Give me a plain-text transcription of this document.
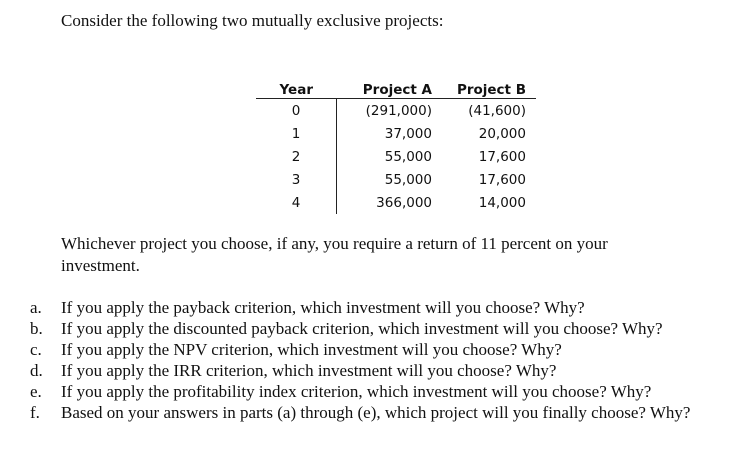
Consider the following two mutually exclusive projects:

Year	Project A	Project B
0	(291,000)	(41,600)
1	37,000	20,000
2	55,000	17,600
3	55,000	17,600
4	366,000	14,000

Whichever project you choose, if any, you require a return of 11 percent on your investment.

a.	If you apply the payback criterion, which investment will you choose? Why?
b.	If you apply the discounted payback criterion, which investment will you choose? Why?
c.	If you apply the NPV criterion, which investment will you choose? Why?
d.	If you apply the IRR criterion, which investment will you choose? Why?
e.	If you apply the profitability index criterion, which investment will you choose? Why?
f.	Based on your answers in parts (a) through (e), which project will you finally choose? Why?
